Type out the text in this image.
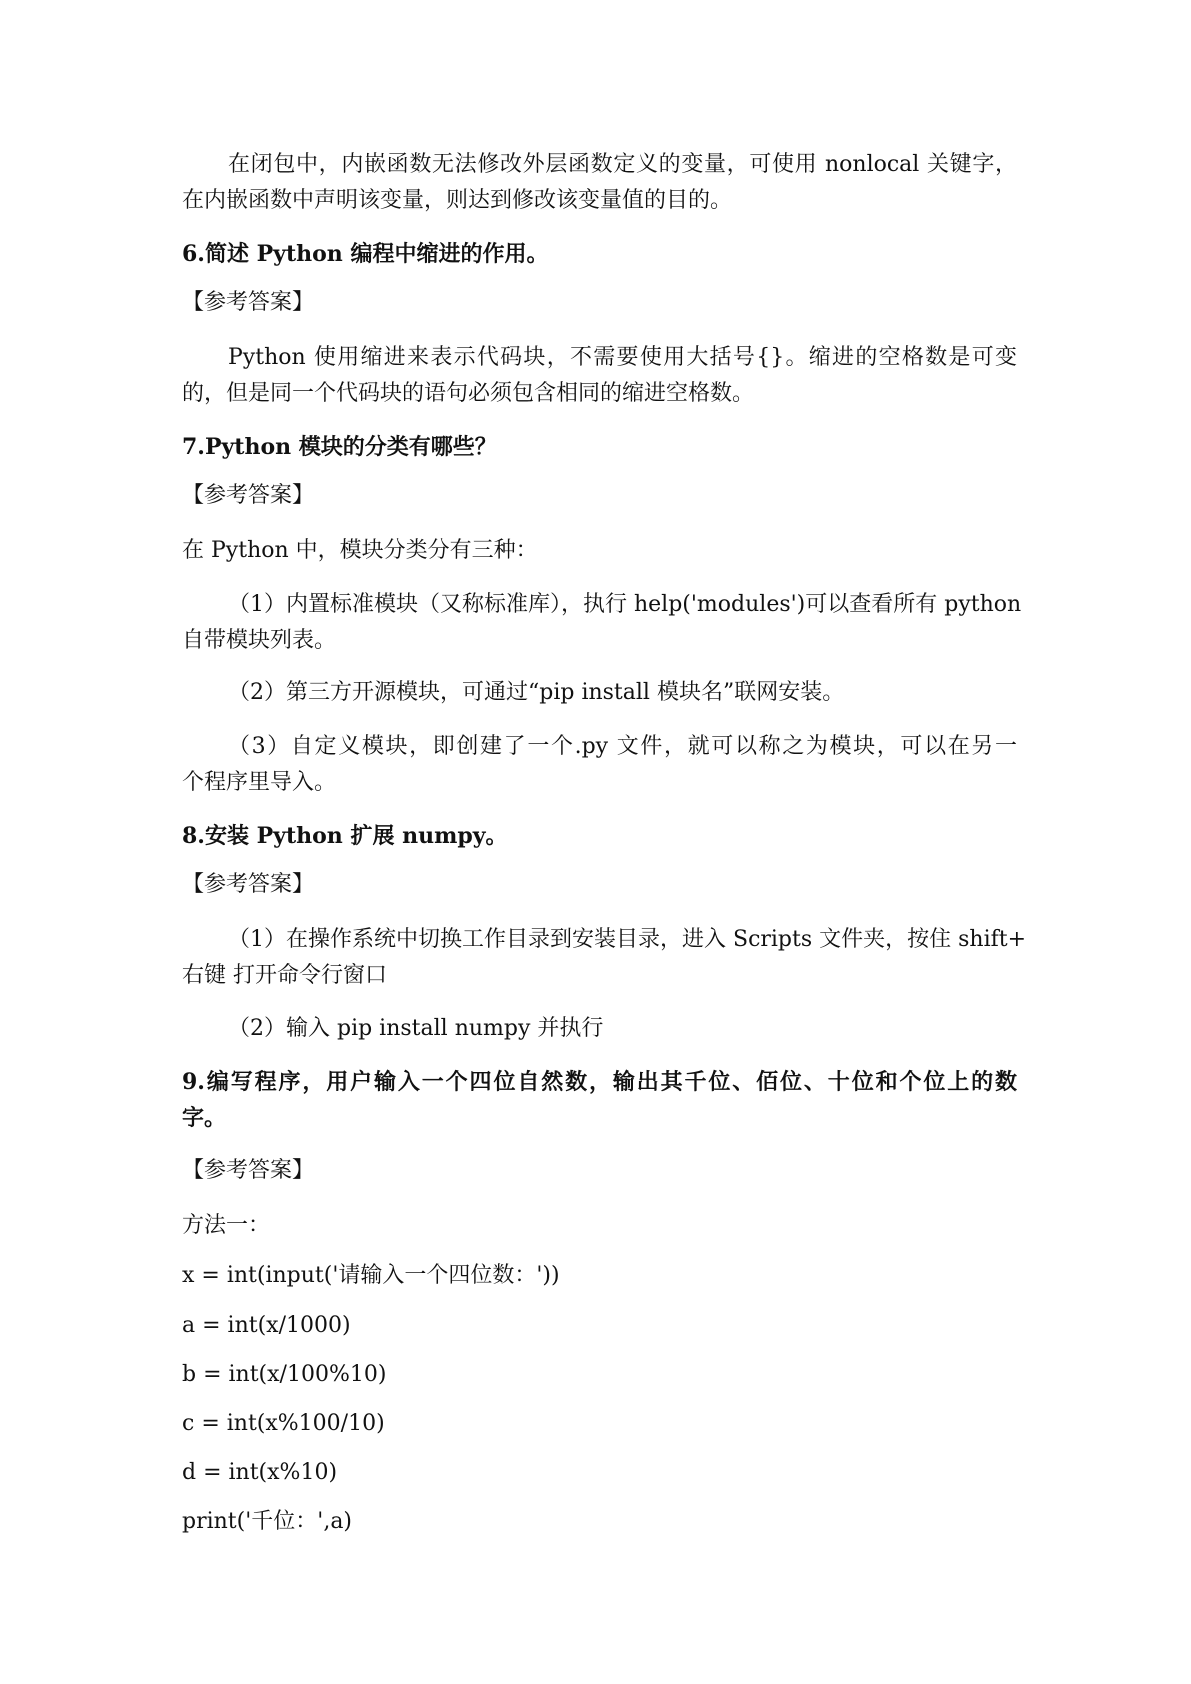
在闭包中，内嵌函数无法修改外层函数定义的变量，可使用 nonlocal 关键字，
在内嵌函数中声明该变量，则达到修改该变量值的目的。
6.简述 Python 编程中缩进的作用。
【参考答案】
Python 使用缩进来表示代码块，不需要使用大括号{}。缩进的空格数是可变
的，但是同一个代码块的语句必须包含相同的缩进空格数。
7.Python 模块的分类有哪些？
【参考答案】
在 Python 中，模块分类分有三种：
（1）内置标准模块（又称标准库），执行 help('modules')可以查看所有 python
自带模块列表。
（2）第三方开源模块，可通过“pip install 模块名”联网安装。
（3）自定义模块，即创建了一个.py 文件，就可以称之为模块，可以在另一
个程序里导入。
8.安装 Python 扩展 numpy。
【参考答案】
（1）在操作系统中切换工作目录到安装目录，进入 Scripts 文件夹，按住 shift+
右键 打开命令行窗口
（2）输入 pip install numpy 并执行
9.编写程序，用户输入一个四位自然数，输出其千位、佰位、十位和个位上的数
字。
【参考答案】
方法一：
x = int(input('请输入一个四位数：'))
a = int(x/1000)
b = int(x/100%10)
c = int(x%100/10)
d = int(x%10)
print('千位：',a)
